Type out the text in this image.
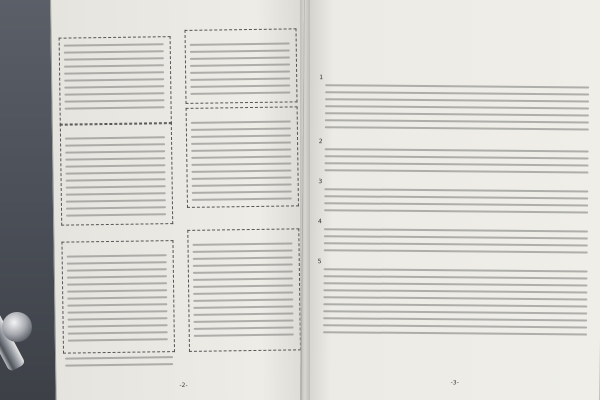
-2-
1
2
3
4
5
-3-
